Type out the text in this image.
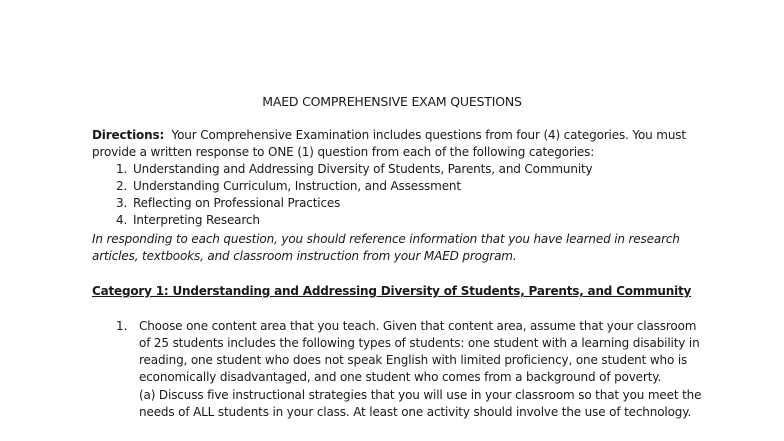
MAED COMPREHENSIVE EXAM QUESTIONS
Directions: Your Comprehensive Examination includes questions from four (4) categories. You must
provide a written response to ONE (1) question from each of the following categories:
1. Understanding and Addressing Diversity of Students, Parents, and Community
2. Understanding Curriculum, Instruction, and Assessment
3. Reflecting on Professional Practices
4. Interpreting Research
In responding to each question, you should reference information that you have learned in research
articles, textbooks, and classroom instruction from your MAED program.
Category 1: Understanding and Addressing Diversity of Students, Parents, and Community
1. Choose one content area that you teach. Given that content area, assume that your classroom
of 25 students includes the following types of students: one student with a learning disability in
reading, one student who does not speak English with limited proficiency, one student who is
economically disadvantaged, and one student who comes from a background of poverty.
(a) Discuss five instructional strategies that you will use in your classroom so that you meet the
needs of ALL students in your class. At least one activity should involve the use of technology.
